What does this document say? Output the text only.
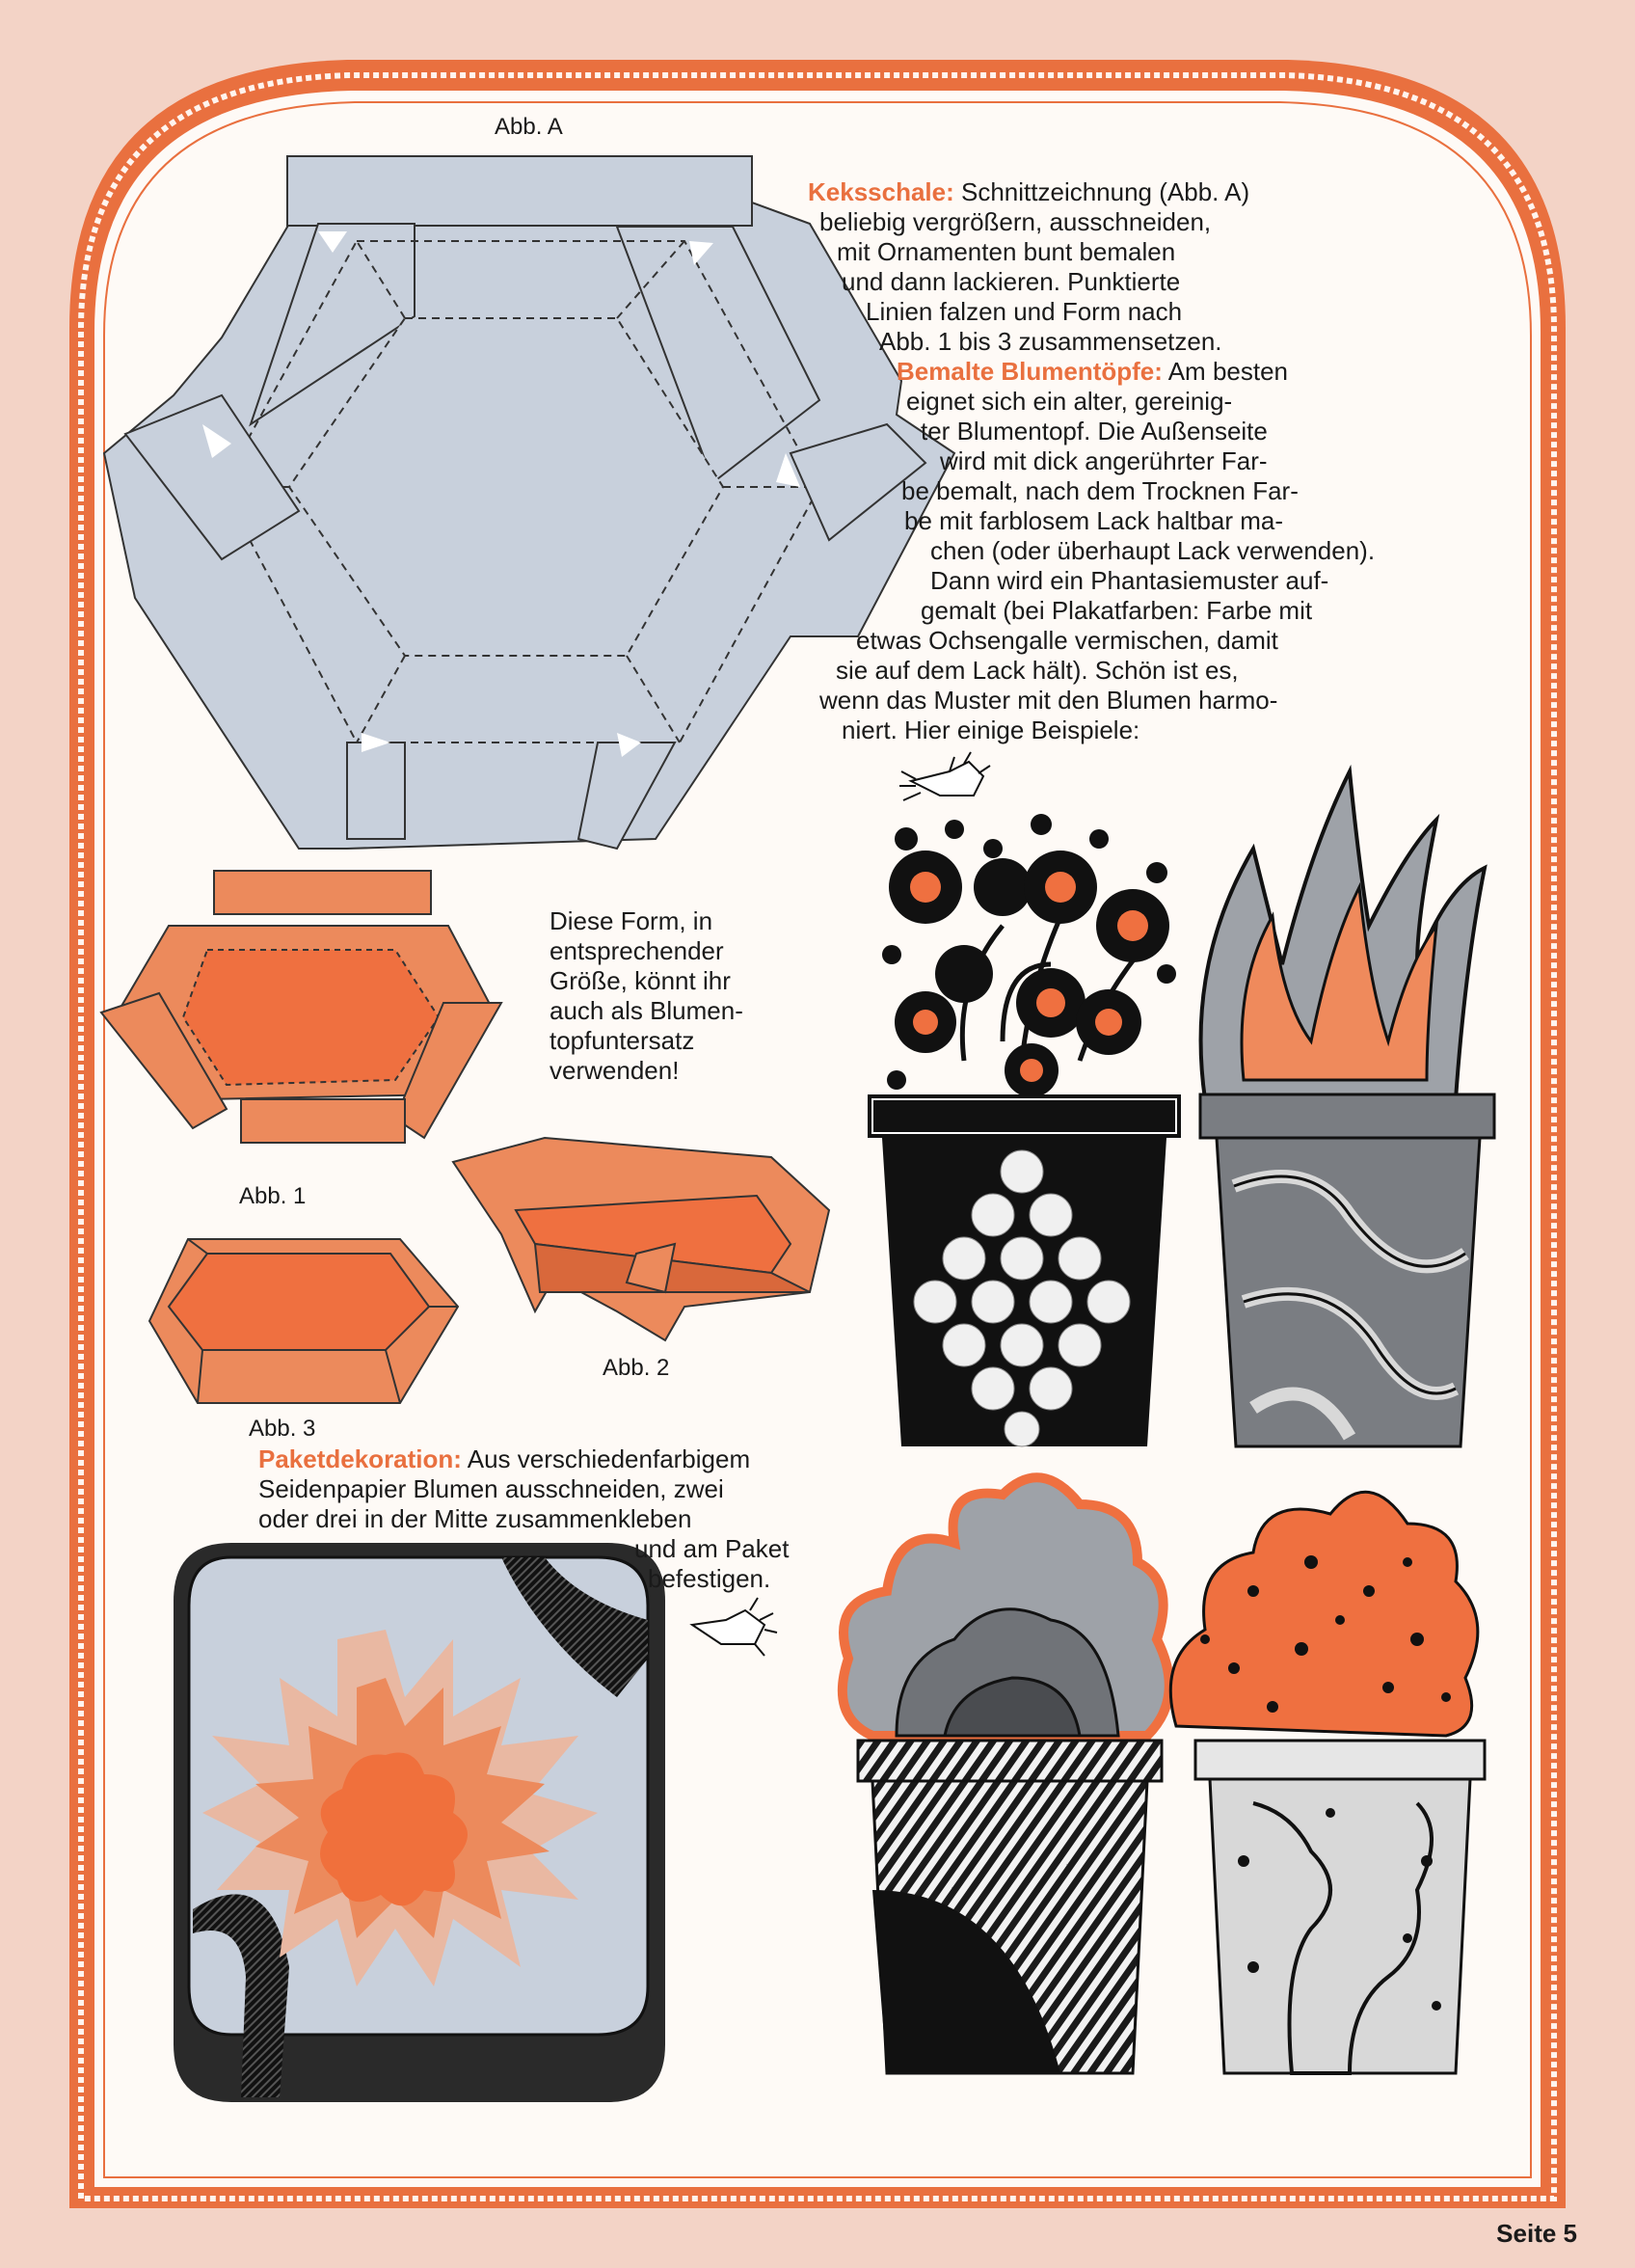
Abb. A
Abb. 1
Abb. 2
Abb. 3
Keksschale: Schnittzeichnung (Abb. A)
beliebig vergrößern, ausschneiden,
mit Ornamenten bunt bemalen
und dann lackieren. Punktierte
Linien falzen und Form nach
Abb. 1 bis 3 zusammensetzen.
Bemalte Blumentöpfe: Am besten
eignet sich ein alter, gereinig-
ter Blumentopf. Die Außenseite
wird mit dick angerührter Far-
be bemalt, nach dem Trocknen Far-
be mit farblosem Lack haltbar ma-
chen (oder überhaupt Lack verwenden).
Dann wird ein Phantasiemuster auf-
gemalt (bei Plakatfarben: Farbe mit
etwas Ochsengalle vermischen, damit
sie auf dem Lack hält). Schön ist es,
wenn das Muster mit den Blumen harmo-
niert. Hier einige Beispiele:
Diese Form, in
entsprechender
Größe, könnt ihr
auch als Blumen-
topfuntersatz
verwenden!
Paketdekoration: Aus verschiedenfarbigem
Seidenpapier Blumen ausschneiden, zwei
oder drei in der Mitte zusammenkleben
und am Paket
befestigen.
Seite 5
